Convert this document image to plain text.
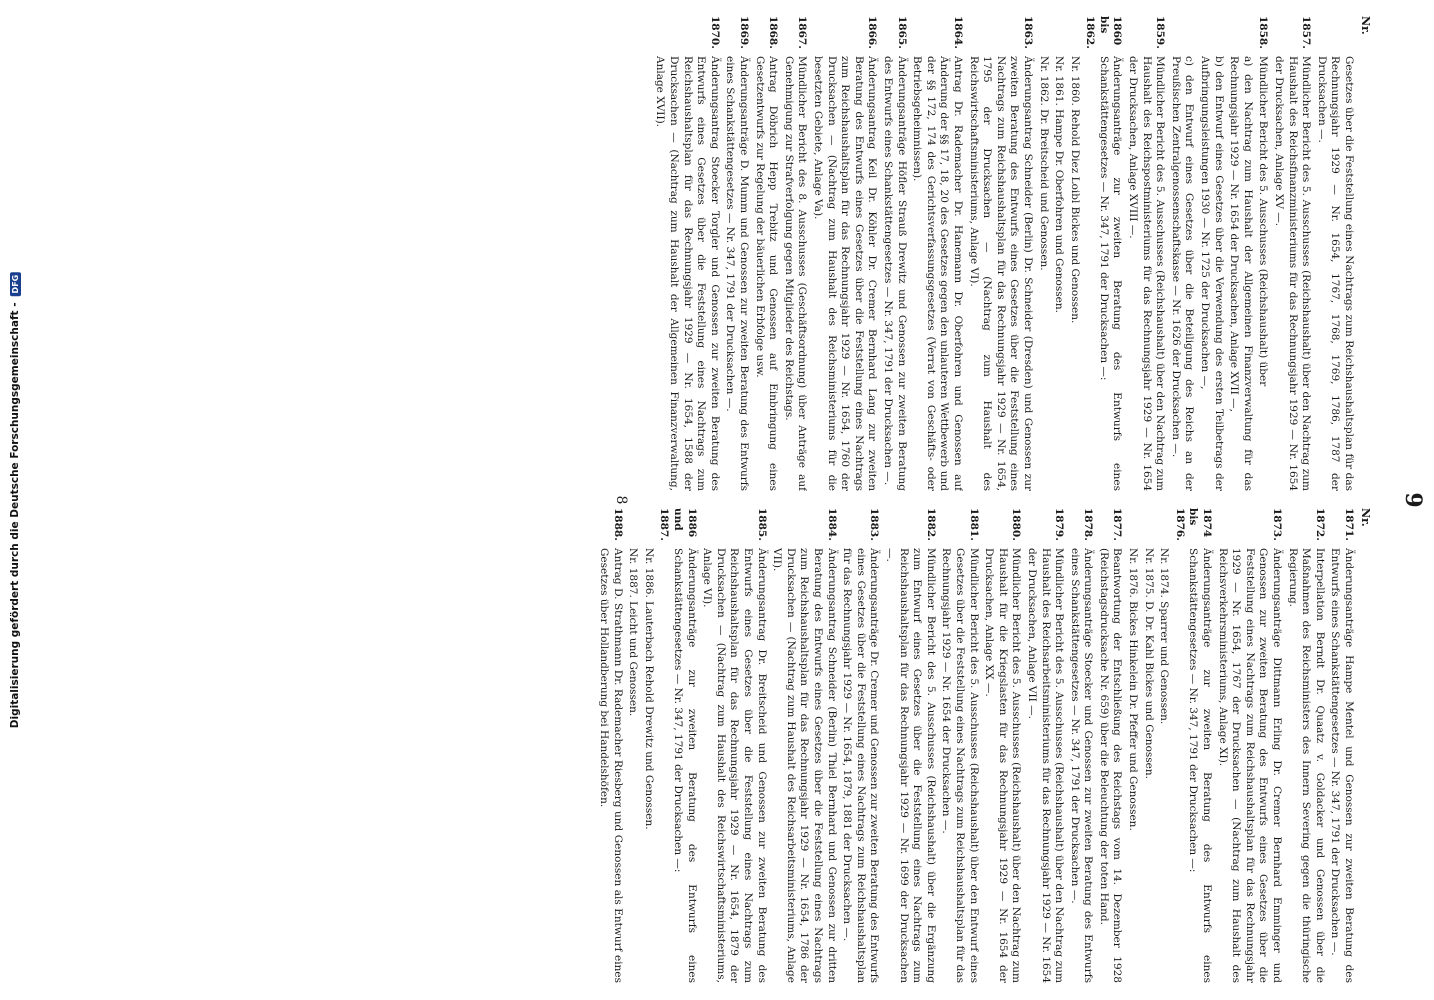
9
Nr.
Gesetzes über die Feststellung eines Nachtrags zum Reichshaushaltsplan für das Rechnungsjahr 1929 — Nr. 1654, 1767, 1768, 1769, 1786, 1787 der Drucksachen —.
1857.
Mündlicher Bericht des 5. Ausschusses (Reichshaushalt) über den Nachtrag zum Haushalt des Reichsfinanzministeriums für das Rechnungsjahr 1929 — Nr. 1654 der Drucksachen, Anlage XV —.
1858.
Mündlicher Bericht des 5. Ausschusses (Reichshaushalt) über
a) den Nachtrag zum Haushalt der Allgemeinen Finanzverwaltung für das Rechnungsjahr 1929 — Nr. 1654 der Drucksachen, Anlage XVII —,
b) den Entwurf eines Gesetzes über die Verwendung des ersten Teilbetrags der Aufbringungsleistungen 1930 — Nr. 1725 der Drucksachen —,
c) den Entwurf eines Gesetzes über die Beteiligung des Reichs an der Preußischen Zentralgenossenschaftskasse — Nr. 1626 der Drucksachen —.
1859.
Mündlicher Bericht des 5. Ausschusses (Reichshaushalt) über den Nachtrag zum Haushalt des Reichspostministeriums für das Rechnungsjahr 1929 — Nr. 1654 der Drucksachen, Anlage XVIII —.
1860 bis 1862.
Änderungsanträge zur zweiten Beratung des Entwurfs eines Schankstättengesetzes — Nr. 347, 1791 der Drucksachen —:
Nr. 1860. Rehold Diez Loibl Bickes und Genossen.
Nr. 1861. Hampe Dr. Oberfohren und Genossen.
Nr. 1862. Dr. Breitscheid und Genossen.
1863.
Änderungsantrag Schneider (Berlin) Dr. Schneider (Dresden) und Genossen zur zweiten Beratung des Entwurfs eines Gesetzes über die Feststellung eines Nachtrags zum Reichshaushaltsplan für das Rechnungsjahr 1929 — Nr. 1654, 1795 der Drucksachen — (Nachtrag zum Haushalt des Reichswirtschaftsministeriums, Anlage VI).
1864.
Antrag Dr. Rademacher Dr. Hanemann Dr. Oberfohren und Genossen auf Änderung der §§ 17, 18, 20 des Gesetzes gegen den unlauteren Wettbewerb und der §§ 172, 174 des Gerichtsverfassungsgesetzes (Verrat von Geschäfts- oder Betriebsgeheimnissen).
1865.
Änderungsanträge Höfler Strauß Drewitz und Genossen zur zweiten Beratung des Entwurfs eines Schankstättengesetzes — Nr. 347, 1791 der Drucksachen —.
1866.
Änderungsantrag Keil Dr. Köhler Dr. Cremer Bernhard Lang zur zweiten Beratung des Entwurfs eines Gesetzes über die Feststellung eines Nachtrags zum Reichshaushaltsplan für das Rechnungsjahr 1929 — Nr. 1654, 1760 der Drucksachen — (Nachtrag zum Haushalt des Reichsministeriums für die besetzten Gebiete, Anlage Va).
1867.
Mündlicher Bericht des 8. Ausschusses (Geschäftsordnung) über Anträge auf Genehmigung zur Strafverfolgung gegen Mitglieder des Reichstags.
1868.
Antrag Döbrich Hepp Trebitz und Genossen auf Einbringung eines Gesetzentwurfs zur Regelung der bäuerlichen Erbfolge usw.
1869.
Änderungsanträge D. Mumm und Genossen zur zweiten Beratung des Entwurfs eines Schankstättengesetzes — Nr. 347, 1791 der Drucksachen —.
1870.
Änderungsantrag Stoecker Torgler und Genossen zur zweiten Beratung des Entwurfs eines Gesetzes über die Feststellung eines Nachtrags zum Reichshaushaltsplan für das Rechnungsjahr 1929 — Nr. 1654, 1588 der Drucksachen — (Nachtrag zum Haushalt der Allgemeinen Finanzverwaltung, Anlage XVII).
Nr.
1871.
Änderungsanträge Hampe Mentel und Genossen zur zweiten Beratung des Entwurfs eines Schankstättengesetzes — Nr. 347, 1791 der Drucksachen —.
1872.
Interpellation Berndt Dr. Quaatz v. Goldacker und Genossen über die Maßnahmen des Reichsministers des Innern Severing gegen die thüringische Regierung.
1873.
Änderungsanträge Dittmann Erling Dr. Cremer Bernhard Emminger und Genossen zur zweiten Beratung des Entwurfs eines Gesetzes über die Feststellung eines Nachtrags zum Reichshaushaltsplan für das Rechnungsjahr 1929 — Nr. 1654, 1767 der Drucksachen — (Nachtrag zum Haushalt des Reichsverkehrsministeriums, Anlage XI).
1874 bis 1876.
Änderungsanträge zur zweiten Beratung des Entwurfs eines Schankstättengesetzes — Nr. 347, 1791 der Drucksachen —:
Nr. 1874. Sparrer und Genossen.
Nr. 1875. D. Dr. Kahl Bickes und Genossen.
Nr. 1876. Bickes Hinkelein Dr. Pfeffer und Genossen.
1877.
Beantwortung der Entschließung des Reichstags vom 14. Dezember 1928 (Reichstagsdrucksache Nr. 659) über die Beleuchtung der toten Hand.
1878.
Änderungsanträge Stoecker und Genossen zur zweiten Beratung des Entwurfs eines Schankstättengesetzes — Nr. 347, 1791 der Drucksachen —.
1879.
Mündlicher Bericht des 5. Ausschusses (Reichshaushalt) über den Nachtrag zum Haushalt des Reichsarbeitsministeriums für das Rechnungsjahr 1929 — Nr. 1654 der Drucksachen, Anlage VII —.
1880.
Mündlicher Bericht des 5. Ausschusses (Reichshaushalt) über den Nachtrag zum Haushalt für die Kriegslasten für das Rechnungsjahr 1929 — Nr. 1654 der Drucksachen, Anlage XX —.
1881.
Mündlicher Bericht des 5. Ausschusses (Reichshaushalt) über den Entwurf eines Gesetzes über die Feststellung eines Nachtrags zum Reichshaushaltsplan für das Rechnungsjahr 1929 — Nr. 1654 der Drucksachen —.
1882.
Mündlicher Bericht des 5. Ausschusses (Reichshaushalt) über die Ergänzung zum Entwurf eines Gesetzes über die Feststellung eines Nachtrags zum Reichshaushaltsplan für das Rechnungsjahr 1929 — Nr. 1699 der Drucksachen —.
1883.
Änderungsanträge Dr. Cremer und Genossen zur zweiten Beratung des Entwurfs eines Gesetzes über die Feststellung eines Nachtrags zum Reichshaushaltsplan für das Rechnungsjahr 1929 — Nr. 1654, 1879, 1881 der Drucksachen —.
1884.
Änderungsantrag Schneider (Berlin) Thiel Bernhard und Genossen zur dritten Beratung des Entwurfs eines Gesetzes über die Feststellung eines Nachtrags zum Reichshaushaltsplan für das Rechnungsjahr 1929 — Nr. 1654, 1786 der Drucksachen — (Nachtrag zum Haushalt des Reichsarbeitsministeriums, Anlage VII).
1885.
Änderungsantrag Dr. Breitscheid und Genossen zur zweiten Beratung des Entwurfs eines Gesetzes über die Feststellung eines Nachtrags zum Reichshaushaltsplan für das Rechnungsjahr 1929 — Nr. 1654, 1879 der Drucksachen — (Nachtrag zum Haushalt des Reichswirtschaftsministeriums, Anlage VI).
1886 und 1887.
Änderungsanträge zur zweiten Beratung des Entwurfs eines Schankstättengesetzes — Nr. 347, 1791 der Drucksachen —:
Nr. 1886. Lauterbach Rehold Drewitz und Genossen.
Nr. 1887. Leicht und Genossen.
1888.
Antrag D. Strathmann Dr. Rademacher Riesberg und Genossen als Entwurf eines Gesetzes über Hollandberung bei Handelshöfen.
8
Digitalisierung gefördert durch die Deutsche Forschungsgemeinschaft -DFG
